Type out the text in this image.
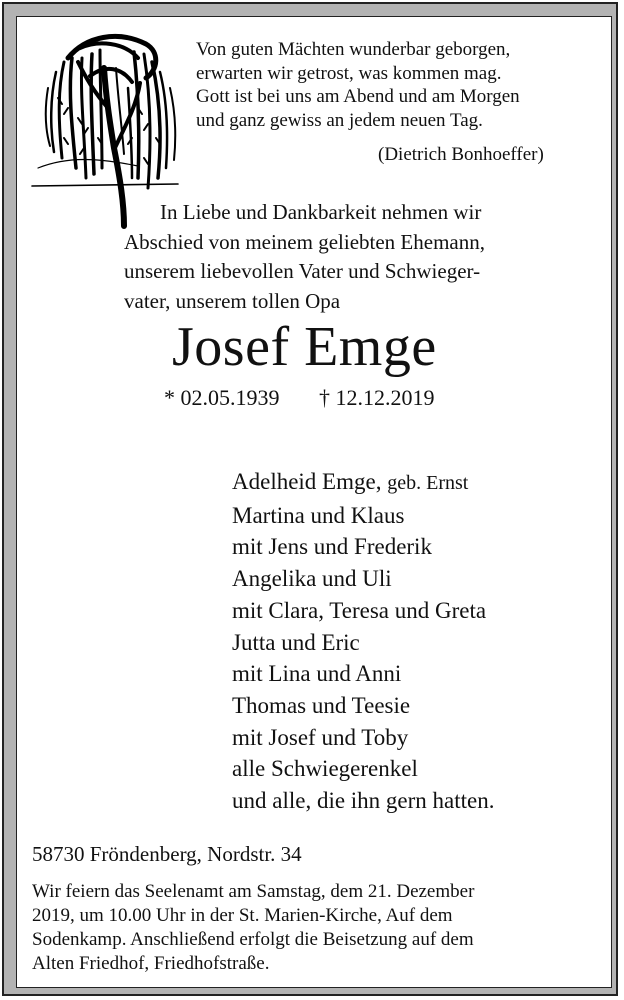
Von guten Mächten wunderbar geborgen,
erwarten wir getrost, was kommen mag.
Gott ist bei uns am Abend und am Morgen
und ganz gewiss an jedem neuen Tag.
(Dietrich Bonhoeffer)
In Liebe und Dankbarkeit nehmen wir
Abschied von meinem geliebten Ehemann,
unserem liebevollen Vater und Schwieger-
vater, unserem tollen Opa
Josef Emge
* 02.05.1939 † 12.12.2019
Adelheid Emge, geb. Ernst
Martina und Klaus
mit Jens und Frederik
Angelika und Uli
mit Clara, Teresa und Greta
Jutta und Eric
mit Lina und Anni
Thomas und Teesie
mit Josef und Toby
alle Schwiegerenkel
und alle, die ihn gern hatten.
58730 Fröndenberg, Nordstr. 34
Wir feiern das Seelenamt am Samstag, dem 21. Dezember
2019, um 10.00 Uhr in der St. Marien-Kirche, Auf dem
Sodenkamp. Anschließend erfolgt die Beisetzung auf dem
Alten Friedhof, Friedhofstraße.
